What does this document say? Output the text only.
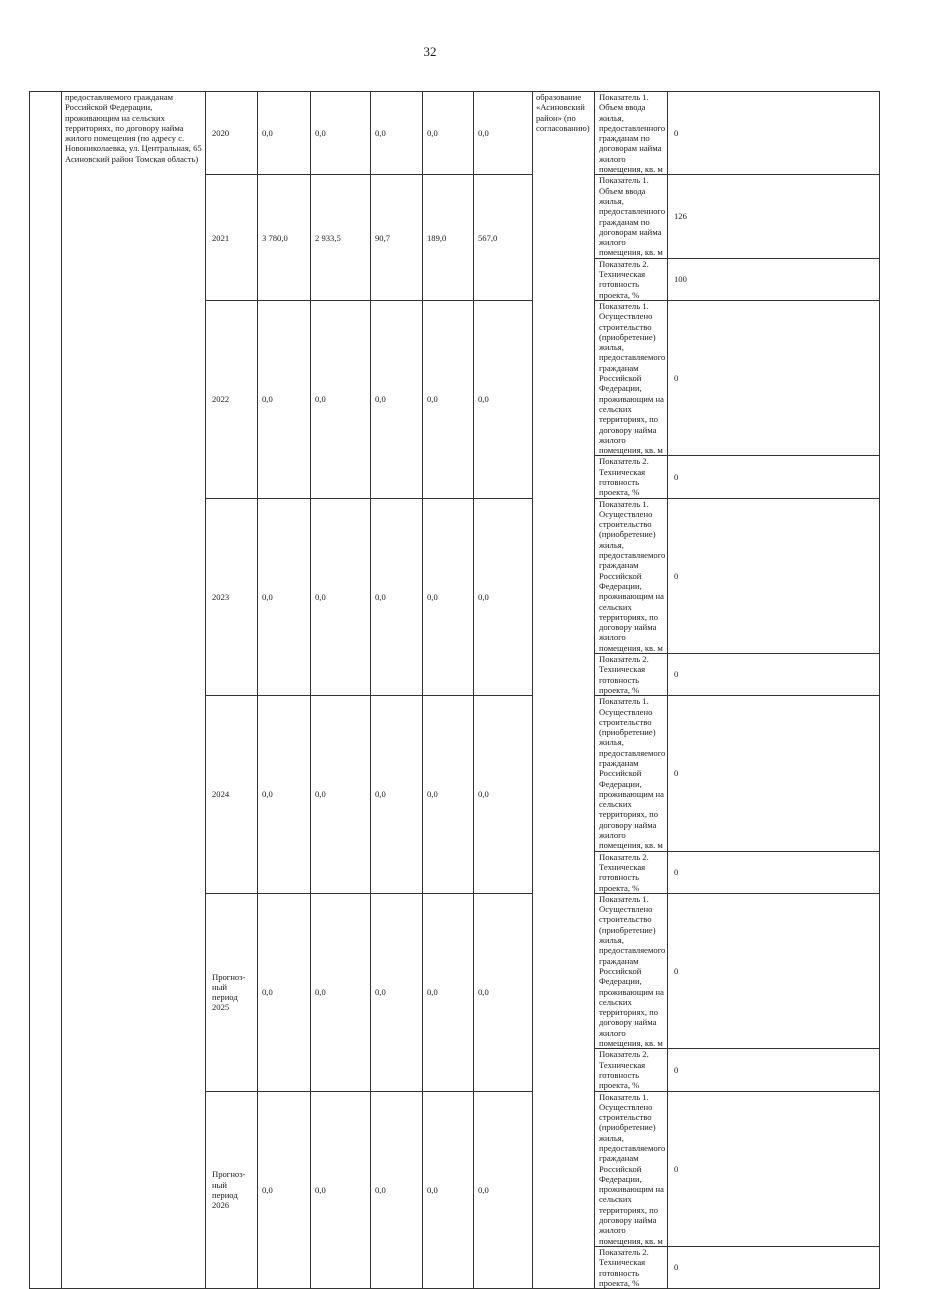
32
	предоставляемого гражданам Российской Федерации, проживающим на сельских территориях, по договору найма жилого помещения (по адресу с. Новониколаевка, ул. Центральная, 65 Асиновский район Томская область)	2020	0,0	0,0	0,0	0,0	0,0	образование «Асиновский район» (по согласованию)	Показатель 1. Объем ввода жилья, предоставленного гражданам по договорам найма жилого помещения, кв. м	0
		2021	3 780,0	2 933,5	90,7	189,0	567,0		Показатель 1. Объем ввода жилья, предоставленного гражданам по договорам найма жилого помещения, кв. м	126
									Показатель 2. Техническая готовность проекта, %	100
		2022	0,0	0,0	0,0	0,0	0,0		Показатель 1. Осуществлено строительство (приобретение) жилья, предоставляемого гражданам Российской Федерации, проживающим на сельских территориях, по договору найма жилого помещения, кв. м	0
									Показатель 2. Техническая готовность проекта, %	0
		2023	0,0	0,0	0,0	0,0	0,0		Показатель 1. Осуществлено строительство (приобретение) жилья, предоставляемого гражданам Российской Федерации, проживающим на сельских территориях, по договору найма жилого помещения, кв. м	0
									Показатель 2. Техническая готовность проекта, %	0
		2024	0,0	0,0	0,0	0,0	0,0		Показатель 1. Осуществлено строительство (приобретение) жилья, предоставляемого гражданам Российской Федерации, проживающим на сельских территориях, по договору найма жилого помещения, кв. м	0
									Показатель 2. Техническая готовность проекта, %	0
		Прогноз-
ный
период
2025	0,0	0,0	0,0	0,0	0,0		Показатель 1. Осуществлено строительство (приобретение) жилья, предоставляемого гражданам Российской Федерации, проживающим на сельских территориях, по договору найма жилого помещения, кв. м	0
									Показатель 2. Техническая готовность проекта, %	0
		Прогноз-
ный
период
2026	0,0	0,0	0,0	0,0	0,0		Показатель 1. Осуществлено строительство (приобретение) жилья, предоставляемого гражданам Российской Федерации, проживающим на сельских территориях, по договору найма жилого помещения, кв. м	0
									Показатель 2. Техническая готовность проекта, %	0
